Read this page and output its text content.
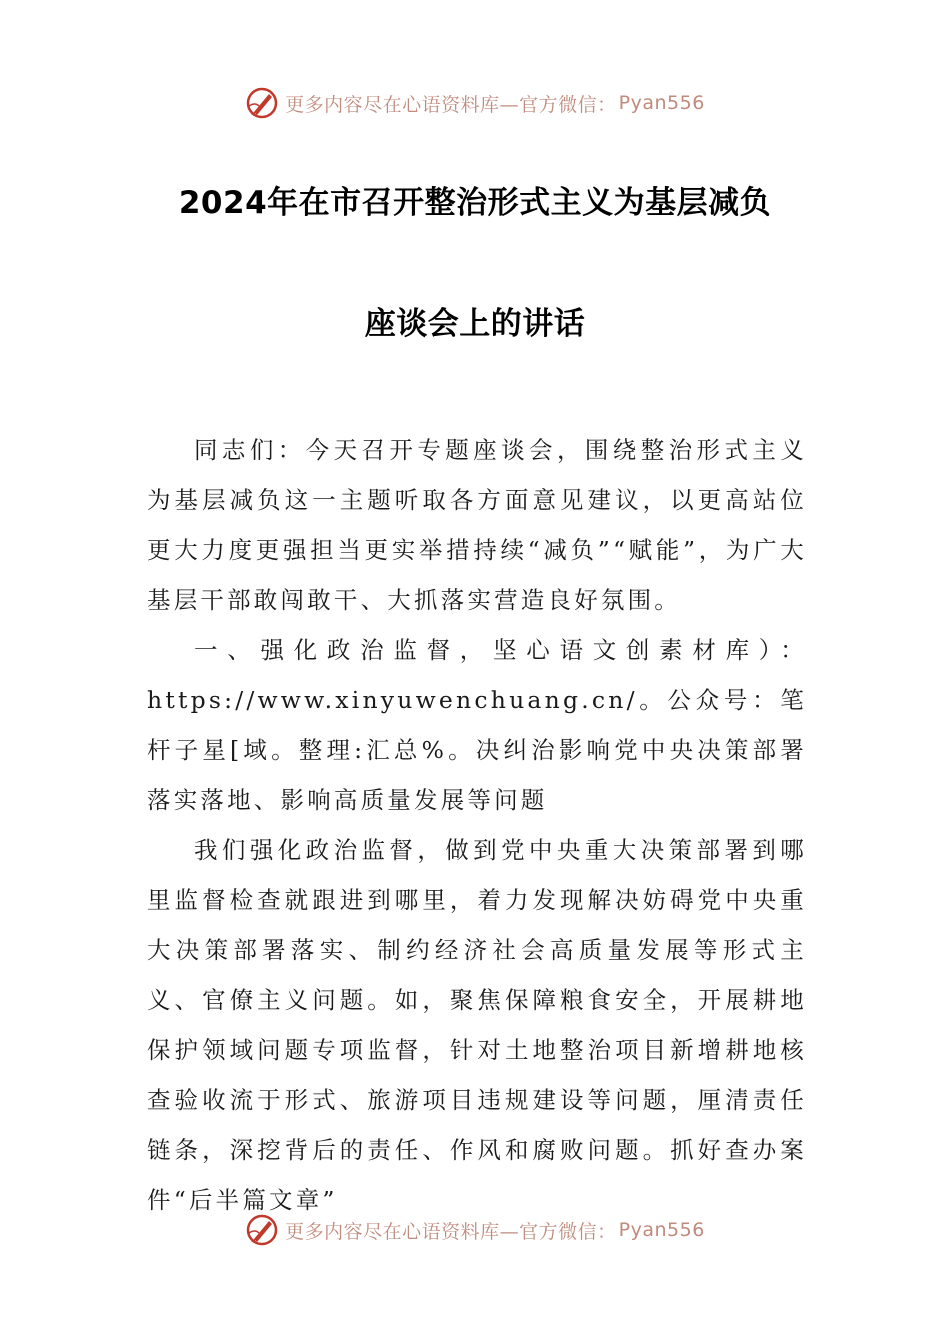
更多内容尽在心语资料库—官方微信： Pyan556
2024年在市召开整治形式主义为基层减负
座谈会上的讲话

同志们：今天召开专题座谈会，围绕整治形式主义为基层减负这一主题听取各方面意见建议，以更高站位更大力度更强担当更实举措持续“减负”“赋能”，为广大基层干部敢闯敢干、大抓落实营造良好氛围。

一、强化政治监督，坚心语文创素材库）：https://www.xinyuwenchuang.cn/。公众号：笔杆子星[域。整理:汇总%。决纠治影响党中央决策部署落实落地、影响高质量发展等问题

我们强化政治监督，做到党中央重大决策部署到哪里监督检查就跟进到哪里，着力发现解决妨碍党中央重大决策部署落实、制约经济社会高质量发展等形式主义、官僚主义问题。如，聚焦保障粮食安全，开展耕地保护领域问题专项监督，针对土地整治项目新增耕地核查验收流于形式、旅游项目违规建设等问题，厘清责任链条，深挖背后的责任、作风和腐败问题。抓好查办案件“后半篇文章”

更多内容尽在心语资料库—官方微信： Pyan556
